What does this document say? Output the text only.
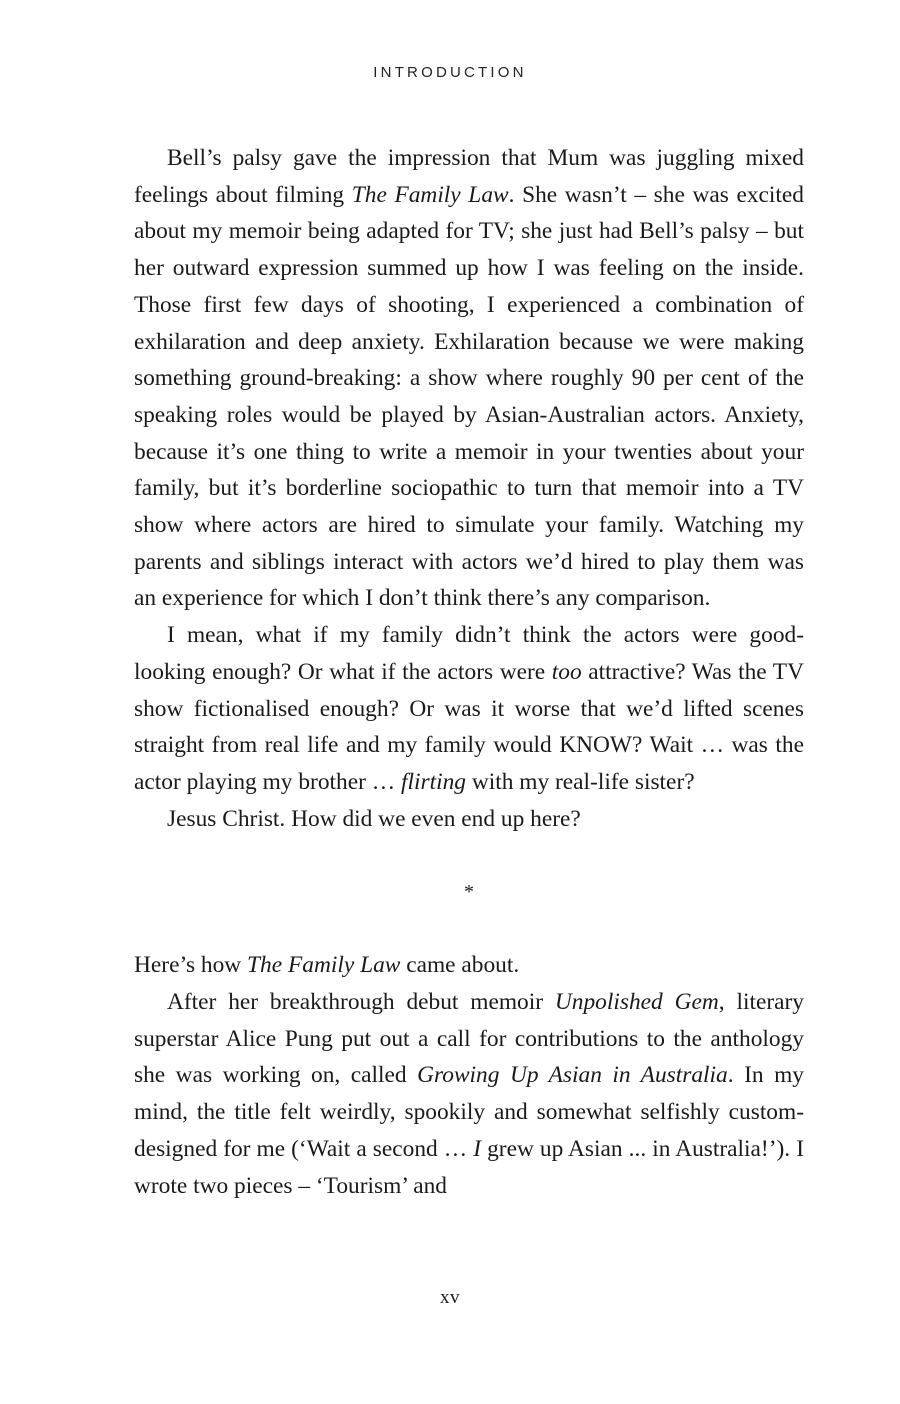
INTRODUCTION

Bell’s palsy gave the impression that Mum was juggling mixed feelings about filming The Family Law. She wasn’t – she was excited about my memoir being adapted for TV; she just had Bell’s palsy – but her outward expression summed up how I was feeling on the inside. Those first few days of shooting, I experienced a combination of exhilaration and deep anxiety. Exhilaration because we were making something ground-breaking: a show where roughly 90 per cent of the speaking roles would be played by Asian-Australian actors. Anxiety, because it’s one thing to write a memoir in your twenties about your family, but it’s borderline sociopathic to turn that memoir into a TV show where actors are hired to simulate your family. Watching my parents and siblings interact with actors we’d hired to play them was an experience for which I don’t think there’s any comparison.

I mean, what if my family didn’t think the actors were good-looking enough? Or what if the actors were too attractive? Was the TV show fictionalised enough? Or was it worse that we’d lifted scenes straight from real life and my family would KNOW? Wait … was the actor playing my brother … flirting with my real-life sister?

Jesus Christ. How did we even end up here?

*

Here’s how The Family Law came about.

After her breakthrough debut memoir Unpolished Gem, literary superstar Alice Pung put out a call for contributions to the anthology she was working on, called Growing Up Asian in Australia. In my mind, the title felt weirdly, spookily and somewhat selfishly custom-designed for me (‘Wait a second … I grew up Asian ... in Australia!’). I wrote two pieces – ‘Tourism’ and

xv
